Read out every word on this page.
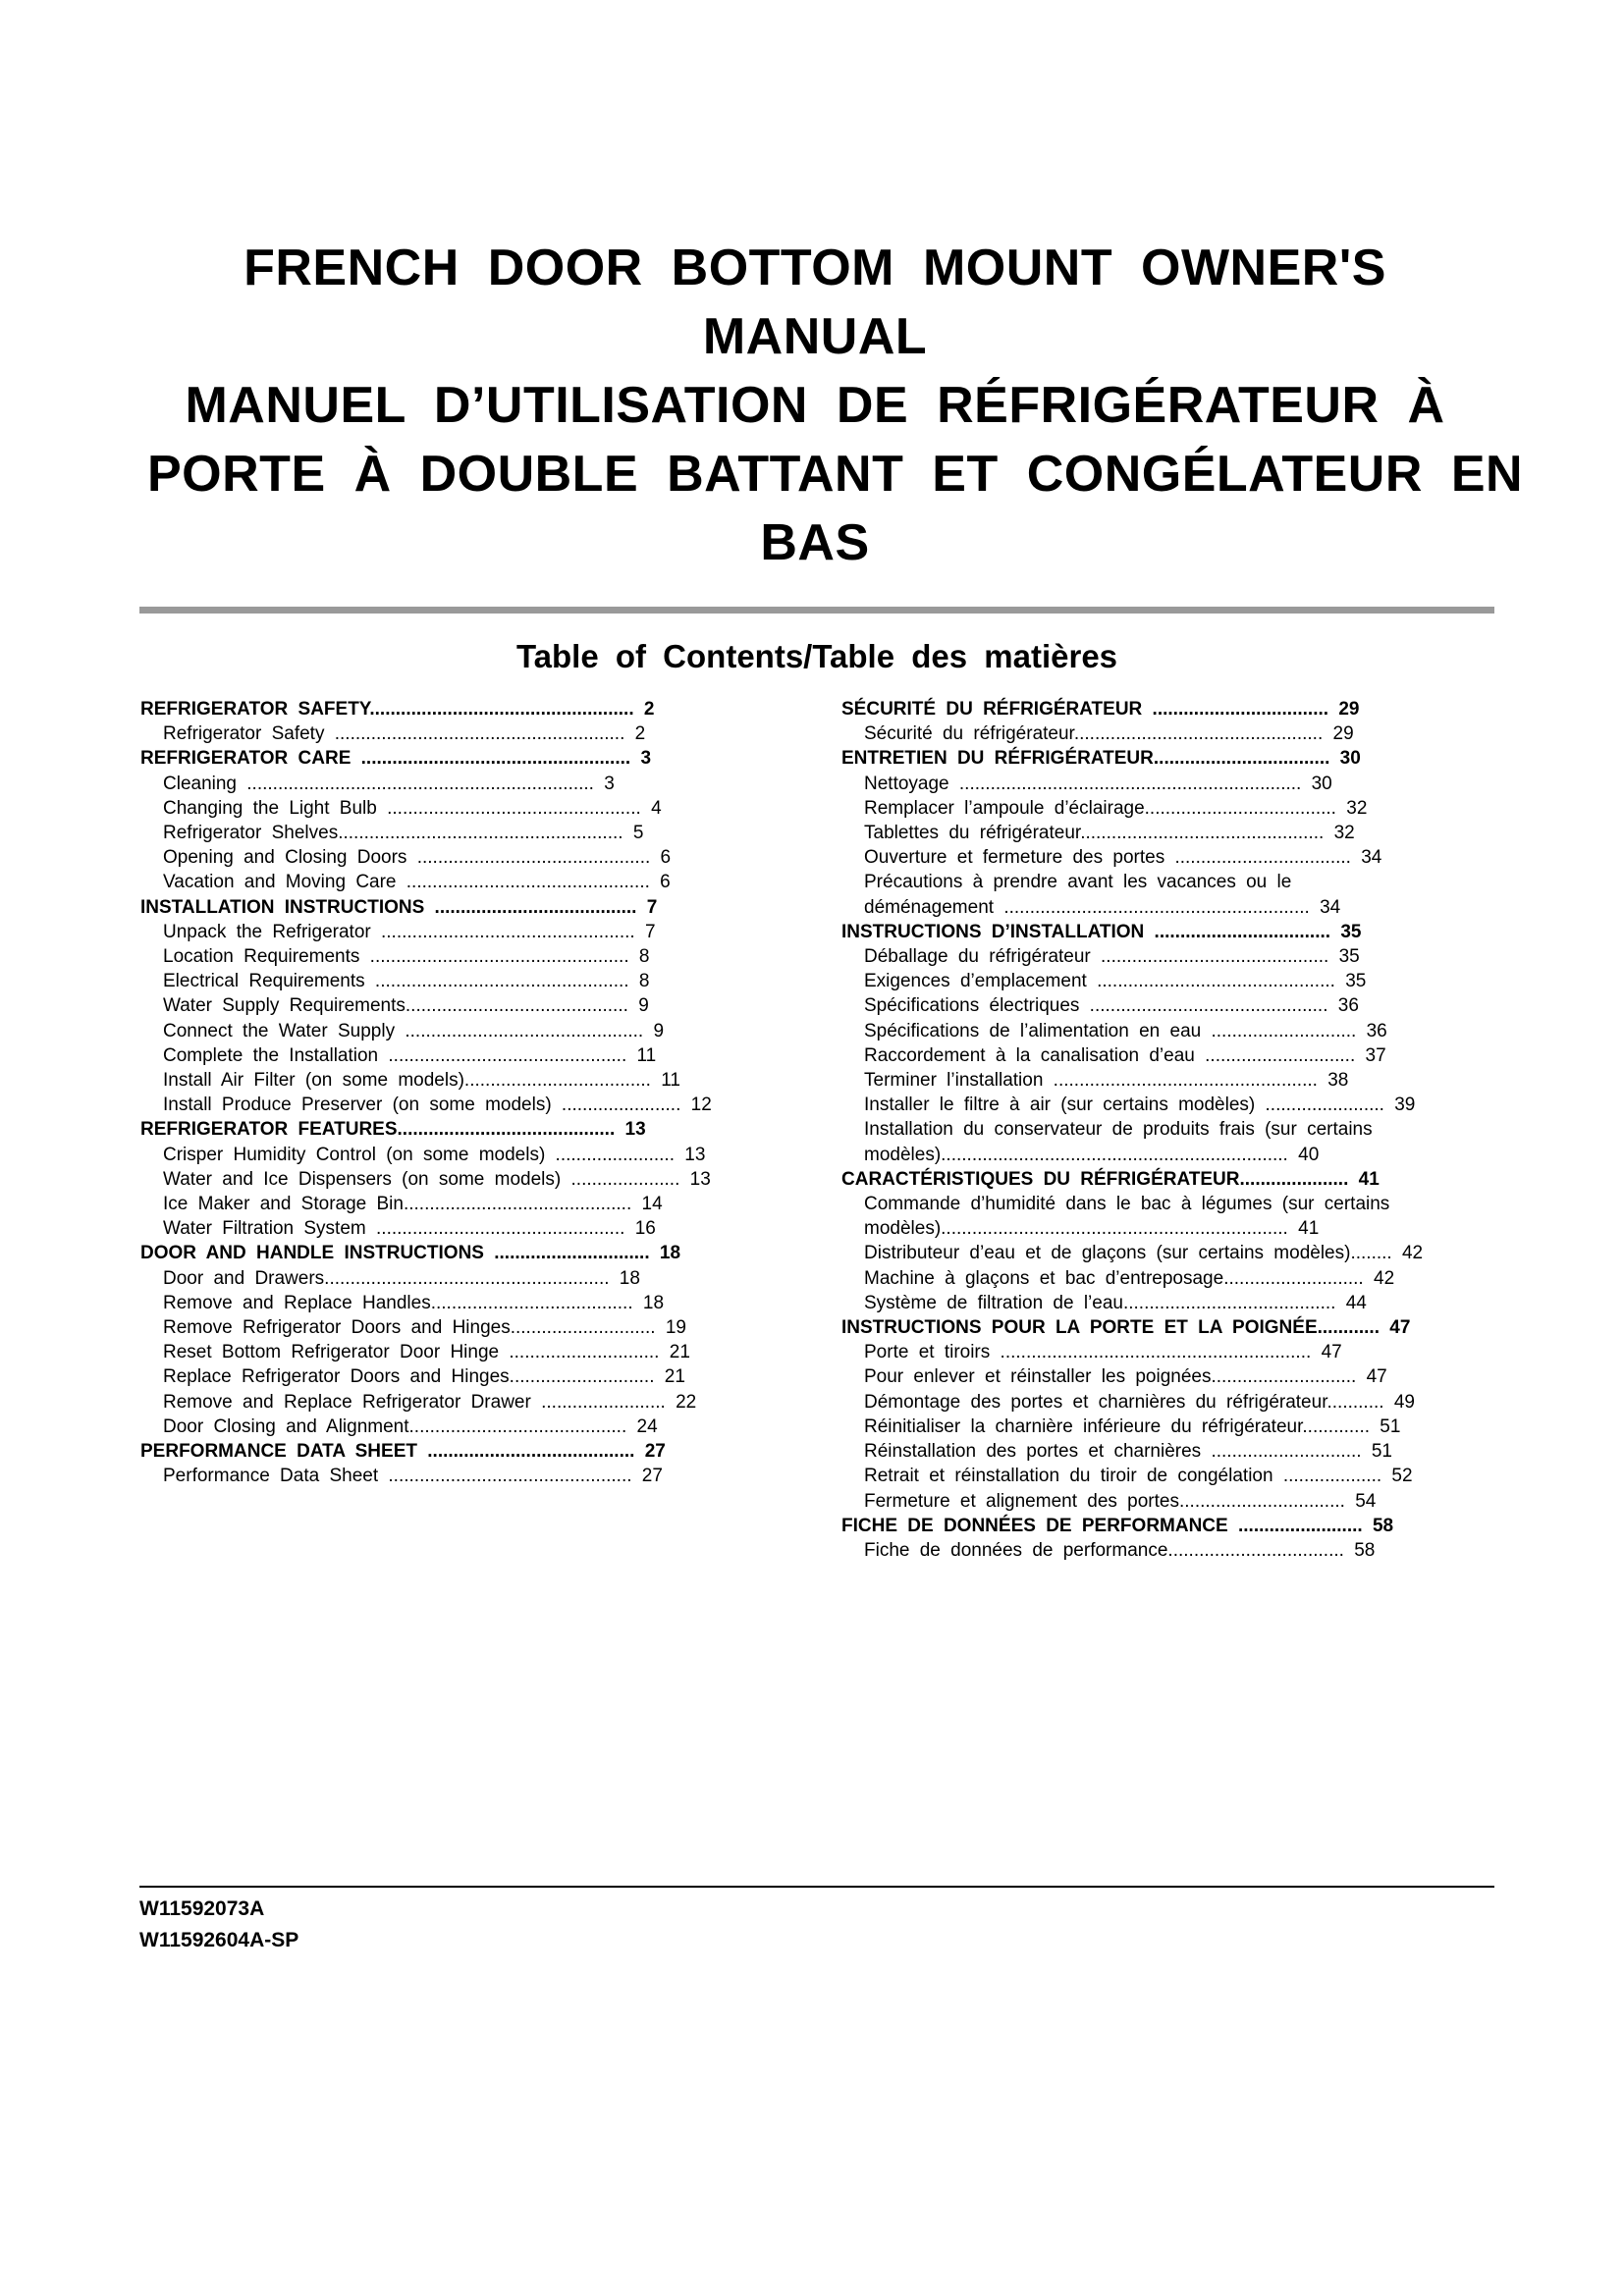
FRENCH DOOR BOTTOM MOUNT OWNER'S
MANUAL
MANUEL D’UTILISATION DE RÉFRIGÉRATEUR À
PORTE À DOUBLE BATTANT ET CONGÉLATEUR EN
BAS
Table of Contents/Table des matières
REFRIGERATOR SAFETY................................................... 2
Refrigerator Safety ........................................................ 2
REFRIGERATOR CARE .................................................... 3
Cleaning ................................................................... 3
Changing the Light Bulb ................................................. 4
Refrigerator Shelves....................................................... 5
Opening and Closing Doors ............................................. 6
Vacation and Moving Care ............................................... 6
INSTALLATION INSTRUCTIONS ....................................... 7
Unpack the Refrigerator ................................................. 7
Location Requirements .................................................. 8
Electrical Requirements ................................................. 8
Water Supply Requirements........................................... 9
Connect the Water Supply .............................................. 9
Complete the Installation .............................................. 11
Install Air Filter (on some models).................................... 11
Install Produce Preserver (on some models) ....................... 12
REFRIGERATOR FEATURES.......................................... 13
Crisper Humidity Control (on some models) ....................... 13
Water and Ice Dispensers (on some models) ..................... 13
Ice Maker and Storage Bin............................................ 14
Water Filtration System ................................................ 16
DOOR AND HANDLE INSTRUCTIONS .............................. 18
Door and Drawers....................................................... 18
Remove and Replace Handles....................................... 18
Remove Refrigerator Doors and Hinges............................ 19
Reset Bottom Refrigerator Door Hinge ............................. 21
Replace Refrigerator Doors and Hinges............................ 21
Remove and Replace Refrigerator Drawer ........................ 22
Door Closing and Alignment.......................................... 24
PERFORMANCE DATA SHEET ........................................ 27
Performance Data Sheet ............................................... 27
SÉCURITÉ DU RÉFRIGÉRATEUR .................................. 29
Sécurité du réfrigérateur................................................ 29
ENTRETIEN DU RÉFRIGÉRATEUR.................................. 30
Nettoyage .................................................................. 30
Remplacer l’ampoule d’éclairage..................................... 32
Tablettes du réfrigérateur............................................... 32
Ouverture et fermeture des portes .................................. 34
Précautions à prendre avant les vacances ou le
déménagement ........................................................... 34
INSTRUCTIONS D’INSTALLATION .................................. 35
Déballage du réfrigérateur ............................................ 35
Exigences d’emplacement .............................................. 35
Spécifications électriques .............................................. 36
Spécifications de l’alimentation en eau ............................ 36
Raccordement à la canalisation d’eau ............................. 37
Terminer l’installation ................................................... 38
Installer le filtre à air (sur certains modèles) ....................... 39
Installation du conservateur de produits frais (sur certains
modèles)................................................................... 40
CARACTÉRISTIQUES DU RÉFRIGÉRATEUR..................... 41
Commande d’humidité dans le bac à légumes (sur certains
modèles)................................................................... 41
Distributeur d’eau et de glaçons (sur certains modèles)........ 42
Machine à glaçons et bac d’entreposage........................... 42
Système de filtration de l’eau......................................... 44
INSTRUCTIONS POUR LA PORTE ET LA POIGNÉE............ 47
Porte et tiroirs ............................................................ 47
Pour enlever et réinstaller les poignées............................ 47
Démontage des portes et charnières du réfrigérateur........... 49
Réinitialiser la charnière inférieure du réfrigérateur............. 51
Réinstallation des portes et charnières ............................. 51
Retrait et réinstallation du tiroir de congélation ................... 52
Fermeture et alignement des portes................................ 54
FICHE DE DONNÉES DE PERFORMANCE ........................ 58
Fiche de données de performance.................................. 58
W11592073A
W11592604A-SP
